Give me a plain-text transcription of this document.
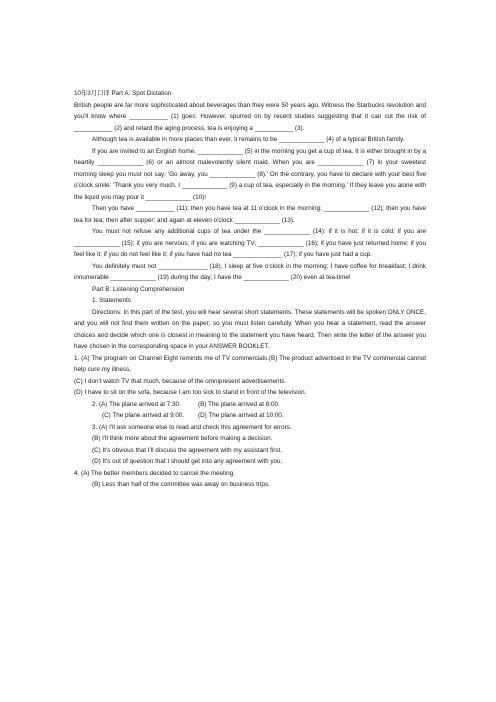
10年3月口译 Part A: Spot Dictation

British people are far more sophisticated about beverages than they were 50 years ago. Witness the Starbucks revolution and you'll know where ___________ (1) goes. However, spurred on by recent studies suggesting that it can cut the risk of ___________ (2) and retard the aging process, tea is enjoying a ___________ (3).

Although tea is available in more places than ever, it remains to be _____________ (4) of a typical British family.

If you are invited to an English home, _____________ (5) in the morning you get a cup of tea. It is either brought in by a heartily _____________ (6) or an almost malevolently silent maid. When you are _____________ (7) in your sweetest morning sleep you must not say: 'Go away, you _____________ (8).' On the contrary, you have to declare with your best five o'clock smile: 'Thank you very much. I _____________ (9) a cup of tea, especially in the morning.' If they leave you alone with the liquid you may pour it _____________ (10)!

Then you have ___________ (11); then you have tea at 11 o'clock in the morning; _____________ (12); then you have tea for tea; then after supper; and again at eleven o'clock _____________ (13).

You must not refuse any additional cups of tea under the _____________ (14): if it is hot; if it is cold; if you are _____________ (15); if you are nervous; if you are watching TV; _____________ (16); if you have just returned home; if you feel like it; if you do not feel like it; if you have had no tea ______________ (17); if you have just had a cup.

You definitely must not ______________ (18). I sleep at five o'clock in the morning; I have coffee for breakfast; I drink innumerable _____________ (19) during the day; I have the _____________ (20) even at tea-time!

Part B: Listening Comprehension

1. Statements

Directions: In this part of the test, you will hear several short statements. These statements will be spoken ONLY ONCE, and you will not find them written on the paper; so you must listen carefully. When you hear a statement, read the answer choices and decide which one is closest in meaning to the statement you have heard. Then write the letter of the answer you have chosen in the corresponding space in your ANSWER BOOKLET.

1. (A) The program on Channel Eight reminds me of TV commercials.(B) The product advertised in the TV commercial cannot help cure my illness.

(C) I don't watch TV that much, because of the omnipresent advertisements.

(D) I have to sit on the sofa, because I am too sick to stand in front of the television.

2. (A) The plane arrived at 7:30.	(B) The plane arrived at 8:00.
(C) The plane arrived at 9:00.	(D) The plane arrived at 10:00.

3. (A) I'll ask someone else to read and check this agreement for errors.

(B) I'll think more about the agreement before making a decision.

(C) It's obvious that I'll discuss the agreement with my assistant first.

(D) It's out of question that I should get into any agreement with you.

4. (A) The better members decided to cancel the meeting.

(B) Less than half of the committee was away on business trips.
